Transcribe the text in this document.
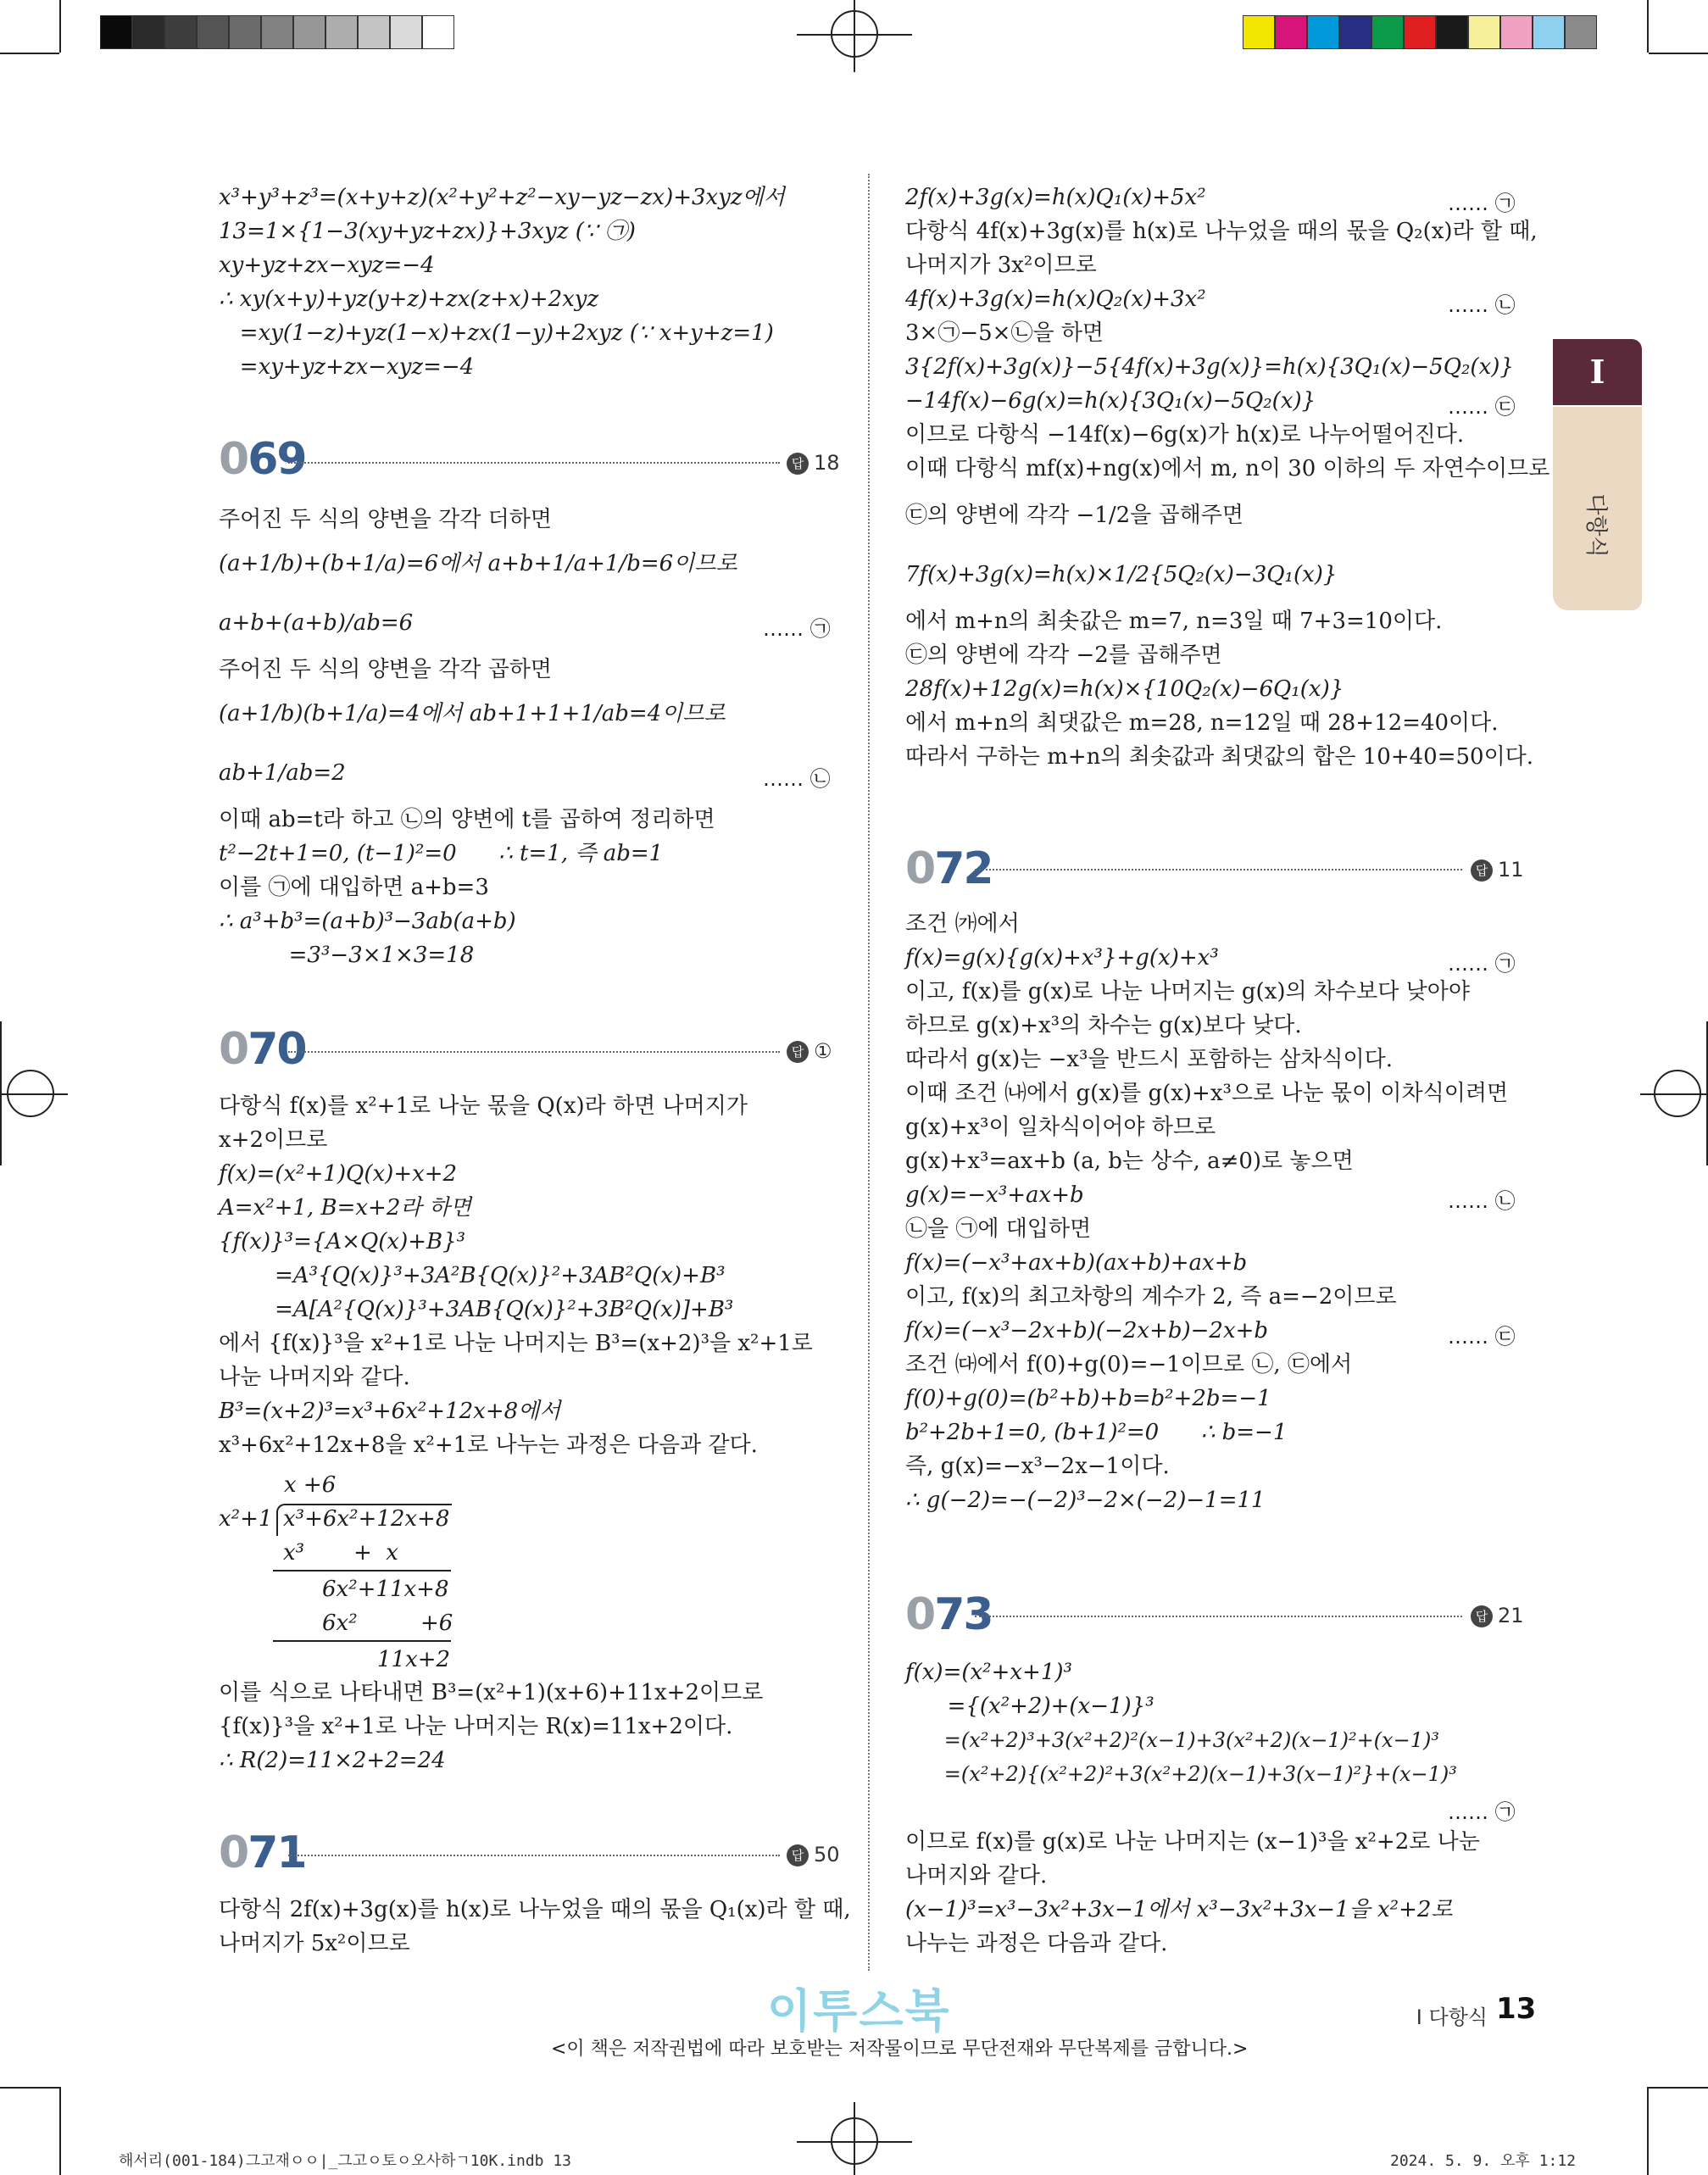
I
다항식
x³+y³+z³=(x+y+z)(x²+y²+z²−xy−yz−zx)+3xyz에서
13=1×{1−3(xy+yz+zx)}+3xyz (∵ ㉠)
xy+yz+zx−xyz=−4
∴ xy(x+y)+yz(y+z)+zx(z+x)+2xyz
=xy(1−z)+yz(1−x)+zx(1−y)+2xyz (∵ x+y+z=1)
=xy+yz+zx−xyz=−4
069	답 18
주어진 두 식의 양변을 각각 더하면
(a+1/b)+(b+1/a)=6에서 a+b+1/a+1/b=6이므로
a+b+(a+b)/ab=6	…… ㉠
주어진 두 식의 양변을 각각 곱하면
(a+1/b)(b+1/a)=4에서 ab+1+1+1/ab=4이므로
ab+1/ab=2	…… ㉡
이때 ab=t라 하고 ㉡의 양변에 t를 곱하여 정리하면
t²−2t+1=0, (t−1)²=0      ∴ t=1, 즉 ab=1
이를 ㉠에 대입하면 a+b=3
∴ a³+b³=(a+b)³−3ab(a+b)
=3³−3×1×3=18
070	답 ①
다항식 f(x)를 x²+1로 나눈 몫을 Q(x)라 하면 나머지가
x+2이므로
f(x)=(x²+1)Q(x)+x+2
A=x²+1, B=x+2라 하면
{f(x)}³={A×Q(x)+B}³
=A³{Q(x)}³+3A²B{Q(x)}²+3AB²Q(x)+B³
=A[A²{Q(x)}³+3AB{Q(x)}²+3B²Q(x)]+B³
에서 {f(x)}³을 x²+1로 나눈 나머지는 B³=(x+2)³을 x²+1로
나눈 나머지와 같다.
B³=(x+2)³=x³+6x²+12x+8에서
x³+6x²+12x+8을 x²+1로 나누는 과정은 다음과 같다.
x +6
x²+1 x³+6x²+12x+8
x³       +  x
6x²+11x+8
6x²         +6
11x+2
이를 식으로 나타내면 B³=(x²+1)(x+6)+11x+2이므로
{f(x)}³을 x²+1로 나눈 나머지는 R(x)=11x+2이다.
∴ R(2)=11×2+2=24
071	답 50
다항식 2f(x)+3g(x)를 h(x)로 나누었을 때의 몫을 Q₁(x)라 할 때,
나머지가 5x²이므로
2f(x)+3g(x)=h(x)Q₁(x)+5x²	…… ㉠
다항식 4f(x)+3g(x)를 h(x)로 나누었을 때의 몫을 Q₂(x)라 할 때,
나머지가 3x²이므로
4f(x)+3g(x)=h(x)Q₂(x)+3x²	…… ㉡
3×㉠−5×㉡을 하면
3{2f(x)+3g(x)}−5{4f(x)+3g(x)}=h(x){3Q₁(x)−5Q₂(x)}
−14f(x)−6g(x)=h(x){3Q₁(x)−5Q₂(x)}	…… ㉢
이므로 다항식 −14f(x)−6g(x)가 h(x)로 나누어떨어진다.
이때 다항식 mf(x)+ng(x)에서 m, n이 30 이하의 두 자연수이므로
㉢의 양변에 각각 −1/2을 곱해주면
7f(x)+3g(x)=h(x)×1/2{5Q₂(x)−3Q₁(x)}
에서 m+n의 최솟값은 m=7, n=3일 때 7+3=10이다.
㉢의 양변에 각각 −2를 곱해주면
28f(x)+12g(x)=h(x)×{10Q₂(x)−6Q₁(x)}
에서 m+n의 최댓값은 m=28, n=12일 때 28+12=40이다.
따라서 구하는 m+n의 최솟값과 최댓값의 합은 10+40=50이다.
072	답 11
조건 ㈎에서
f(x)=g(x){g(x)+x³}+g(x)+x³	…… ㉠
이고, f(x)를 g(x)로 나눈 나머지는 g(x)의 차수보다 낮아야
하므로 g(x)+x³의 차수는 g(x)보다 낮다.
따라서 g(x)는 −x³을 반드시 포함하는 삼차식이다.
이때 조건 ㈏에서 g(x)를 g(x)+x³으로 나눈 몫이 이차식이려면
g(x)+x³이 일차식이어야 하므로
g(x)+x³=ax+b (a, b는 상수, a≠0)로 놓으면
g(x)=−x³+ax+b	…… ㉡
㉡을 ㉠에 대입하면
f(x)=(−x³+ax+b)(ax+b)+ax+b
이고, f(x)의 최고차항의 계수가 2, 즉 a=−2이므로
f(x)=(−x³−2x+b)(−2x+b)−2x+b	…… ㉢
조건 ㈐에서 f(0)+g(0)=−1이므로 ㉡, ㉢에서
f(0)+g(0)=(b²+b)+b=b²+2b=−1
b²+2b+1=0, (b+1)²=0      ∴ b=−1
즉, g(x)=−x³−2x−1이다.
∴ g(−2)=−(−2)³−2×(−2)−1=11
073	답 21
f(x)=(x²+x+1)³
={(x²+2)+(x−1)}³
=(x²+2)³+3(x²+2)²(x−1)+3(x²+2)(x−1)²+(x−1)³
=(x²+2){(x²+2)²+3(x²+2)(x−1)+3(x−1)²}+(x−1)³
…… ㉠
이므로 f(x)를 g(x)로 나눈 나머지는 (x−1)³을 x²+2로 나눈
나머지와 같다.
(x−1)³=x³−3x²+3x−1에서 x³−3x²+3x−1을 x²+2로
나누는 과정은 다음과 같다.
이투스북
<이 책은 저작권법에 따라 보호받는 저작물이므로 무단전재와 무단복제를 금합니다.>
I 다항식 13
해서리(001-184)그고재ㅇㅇ|_그고ㅇ토ㅇ오사하ㄱ10K.indb 13	2024. 5. 9. 오후 1:12
